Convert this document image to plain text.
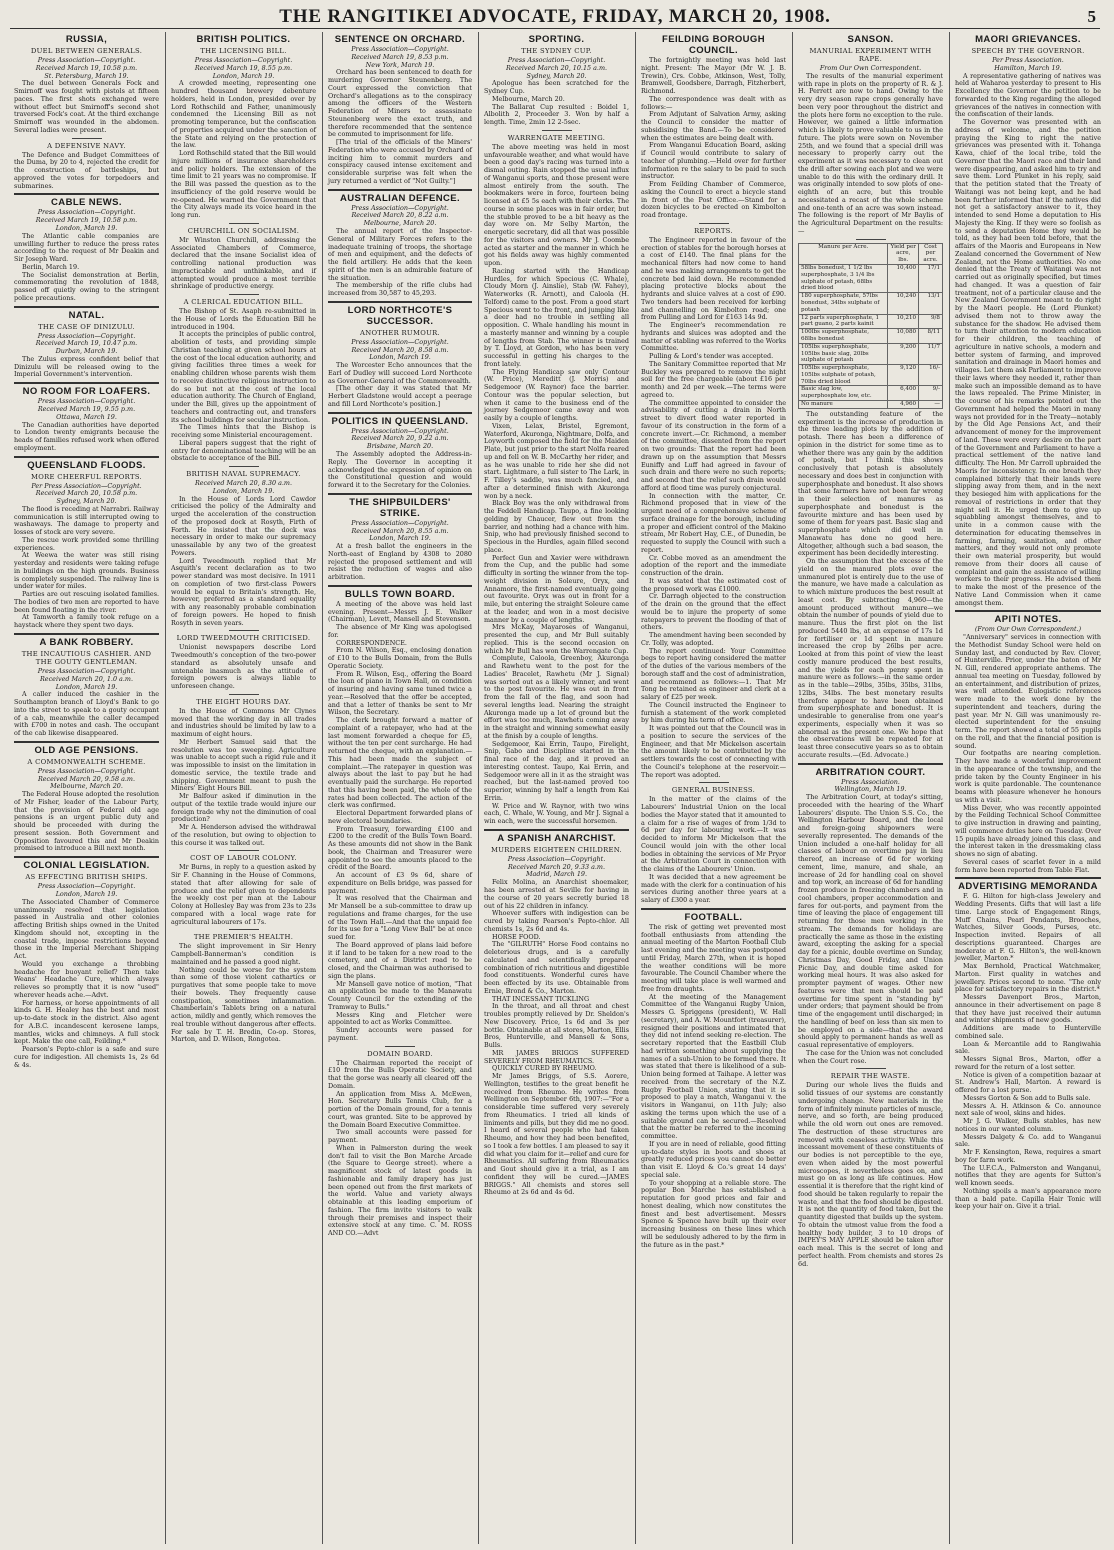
THE RANGITIKEI ADVOCATE, FRIDAY, MARCH 20, 1908.	5
RUSSIA,
DUEL BETWEEN GENERALS.
Press Association—Copyright.
Received March 19, 10.58 p.m.
St. Petersburg, March 19.

The duel between Generals Fock and Smirnoff was fought with pistols at fifteen paces. The first shots exchanged were without effect but Smirnoff's second shot traversed Fock's coat. At the third exchange Smirnoff was wounded in the abdomen. Several ladies were present.

A DEFENSIVE NAVY.

The Defence and Budget Committees of the Duma, by 20 to 4, rejected the credit for the construction of battleships, but approved the votes for torpedoers and submarines.

CABLE NEWS.
Press Association—Copyright.
Received March 19, 10.58 p.m.
London, March 19.

The Atlantic cable companies are unwilling further to reduce the press rates according to the request of Mr Deakin and Sir Joseph Ward.

Berlin, March 19.

The Socialist demonstration at Berlin, commemorating the revolution of 1848, passed off quietly owing to the stringent police precautions.

NATAL.
THE CASE OF DINIZULU.
Press Association—Copyright.
Received March 19, 10.47 p.m.
Durban, March 19.

The Zulus express confident belief that Dinizulu will be released owing to the Imperial Government's intervention.

NO ROOM FOR LOAFERS.
Press Association—Copyright.
Received March 19, 9.55 p.m.
Ottawa, March 19.

The Canadian authorities have deported to London twenty emigrants because the heads of families refused work when offered employment.

QUEENSLAND FLOODS.
MORE CHEERFUL REPORTS.
Per Press Association—Copyright.
Received March 20, 10.58 p.m.
Sydney, March 20.

The flood is receding at Narrabri. Railway communication is still interrupted owing to washaways. The damage to property and losses of stock are very severe.

The rescue work provided some thrilling experiences.

At Weewa the water was still rising yesterday and residents were taking refuge in buildings on the high grounds. Business is completely suspended. The railway line is under water for miles.

Parties are out rescuing isolated families. The bodies of two men are reported to have been found floating in the river.

At Tamworth a family took refuge on a haystack where they spent two days.

A BANK ROBBERY.
THE INCAUTIOUS CASHIER. AND THE GOUTY GENTLEMAN.
Press Association—Copyright.
Received March 20, 1.0 a.m.
London, March 19.

A caller induced the cashier in the Southampton branch of Lloyd's Bank to go into the street to speak to a gouty occupant of a cab, meanwhile the caller decamped with £700 in notes and cash. The occupant of the cab likewise disappeared.

OLD AGE PENSIONS.
A COMMONWEALTH SCHEME.
Press Association—Copyright.
Received March 20, 9.58 a.m.
Melbourne, March 20.

The Federal House adopted the resolution of Mr Fisher, leader of the Labour Party, that the provision of Federal old age pensions is an urgent public duty and should be proceeded with during the present session. Both Government and Opposition favoured this and Mr Deakin promised to introduce a Bill next month.

COLONIAL LEGISLATION.
AS EFFECTING BRITISH SHIPS.
Press Association—Copyright.
London, March 19.

The Associated Chamber of Commerce unanimously resolved that legislation passed in Australia and other colonies affecting British ships owned in the United Kingdom should not, excepting in the coastal trade, impose restrictions beyond those in the Imperial Merchant Shipping Act.

Would you exchange a throbbing headache for buoyant relief? Then take Weans' Headache Cure, which always relieves so promptly that it is now "used" wherever heads ache.—Advt.

For harness, or horse appointments of all kinds G. H. Healey has the best and most up-to-date stock in the district. Also agent for A.B.C. incandescent kerosene lamps, mantles, wicks and chimneys. A full stock kept. Make the one call, Feilding.*

Pearson's Pepto-chlor is a safe and sure cure for indigestion. All chemists 1s, 2s 6d & 4s.

BRITISH POLITICS.
THE LICENSING BILL.
Press Association—Copyright.
Received March 19, 8.55 p.m.
London, March 19.

A crowded meeting, representing one hundred thousand brewery debenture holders, held in London, presided over by Lord Rothschild and Father, unanimously condemned the Licensing Bill as not promoting temperance, but the confiscation of properties acquired under the sanction of the State and relying on the protection of the law.

Lord Rothschild stated that the Bill would injure millions of insurance shareholders and policy holders. The extension of the time limit to 21 years was no compromise. If the Bill was passed the question as to the insufficiency of the gold reserve would be re-opened. He warned the Government that the City always made its voice heard in the long run.

CHURCHILL ON SOCIALISM.

Mr Winston Churchill, addressing the Associated Chambers of Commerce, declared that the insane Socialist idea of controlling national production was impracticable and unthinkable, and if attempted would produce a most terrible shrinkage of productive energy.

A CLERICAL EDUCATION BILL.

The Bishop of St. Asaph re-submitted in the House of Lords the Education Bill he introduced in 1904.

It accepts the principles of public control, abolition of tests, and providing simple Christian teaching at given school hours at the cost of the local education authority, and giving facilities three times a week for enabling children whose parents wish them to receive distinctive religious instruction to do so but not at the cost of the local education authority. The Church of England, under the Bill, gives up the appointment of teachers and contracting out, and transfers its school buildings for secular instruction.

The Times hints that the Bishop is receiving some Ministerial encouragement.

Liberal papers suggest that the right of entry for denominational teaching will be an obstacle to acceptance of the Bill.

BRITISH NAVAL SUPREMACY.
Received March 20, 8.30 a.m.
London, March 19.

In the House of Lords Lord Cawdor criticised the policy of the Admiralty and urged the acceleration of the construction of the proposed dock at Rosyth, Firth of Forth. He insisted that the dock was necessary in order to make our supremacy unassailable by any two of the greatest Powers.

Lord Tweedmouth replied that Mr Asquith's recent declaration as to two power standard was most decisive. In 1911 on completion of two first-class Powers would be equal to Britain's strength. He, however, preferred as a standard equality with any reasonably probable combination of foreign powers. He hoped to finish Rosyth in seven years.

LORD TWEEDMOUTH CRITICISED.

Unionist newspapers describe Lord Tweedmouth's conception of the two-power standard as absolutely unsafe and untenable inasmuch as the attitude of foreign powers is always liable to unforeseen change.

THE EIGHT HOURS DAY.

In the House of Commons Mr Clynes moved that the working day in all trades and industries should be limited by law to a maximum of eight hours.

Mr Herbert Samuel said that the resolution was too sweeping. Agriculture was unable to accept such a rigid rule and it was impossible to insist on the limitation in domestic service, the textile trade and shipping. Government meant to push the Miners' Eight Hours Bill.

Mr Balfour asked if diminution in the output of the textile trade would injure our foreign trade why not the diminution of coal production?

Mr A. Henderson advised the withdrawal of the resolution, but owing to objection to this course it was talked out.

COST OF LABOUR COLONY.

Mr Burns, in reply to a question asked by Sir F. Channing in the House of Commons, stated that after allowing for sale of produce and the relief given to dependents the weekly cost per man at the Labour Colony at Hollesley Bay was from 23s to 23s compared with a local wage rate for agricultural labourers of 17s.

THE PREMIER'S HEALTH.

The slight improvement in Sir Henry Campbell-Bannerman's condition is maintained and he passed a good night.

Nothing could be worse for the system than some of those violent cathartics or purgatives that some people take to move their bowels. They frequently cause constipation, sometimes inflammation. Chamberlain's Tablets bring on a natural action, mildly and gently, which removes the real trouble without dangerous after effects. For sale by T. H. Bredin, Co-op. Stores, Marton, and D. Wilson, Rongotea.

SENTENCE ON ORCHARD.
Press Association—Copyright.
Received March 19, 8.53 p.m.
New York, March 19.

Orchard has been sentenced to death for murdering Governor Steunenberg. The Court expressed the conviction that Orchard's allegations as to the conspiracy among the officers of the Western Federation of Miners to assassinate Steunenberg were the exact truth, and therefore recommended that the sentence be commuted to imprisonment for life.

[The trial of the officials of the Miners' Federation who were accused by Orchard of inciting him to commit murders and conspiracy caused intense excitement and considerable surprise was felt when the jury returned a verdict of "Not Guilty."]

AUSTRALIAN DEFENCE.
Press Association—Copyright.
Received March 20, 8.22 a.m.
Melbourne, March 20.

The annual report of the Inspector-General of Military Forces refers to the inadequate training of troops, the shortage of men and equipment, and the defects of the field artillery. He adds that the keen spirit of the men is an admirable feature of the situation.

The membership of the rifle clubs had increased from 30,587 to 45,293.

LORD NORTHCOTE'S SUCCESSOR.
ANOTHER RUMOUR.
Press Association—Copyright.
Received March 20, 8.58 a.m.
London, March 19.

The Worcester Echo announces that the Earl of Dudley will succeed Lord Northcote as Governor-General of the Commonwealth.

[The other day it was stated that Mr Herbert Gladstone would accept a peerage and fill Lord Northcote's position.]

POLITICS IN QUEENSLAND.
Press Association—Copyright.
Received March 20, 9.22 a.m.
Brisbane, March 20.

The Assembly adopted the Address-in-Reply. The Governor in accepting it acknowledged the expression of opinion on the Constitutional question and would forward it to the Secretary for the Colonies.

THE SHIPBUILDERS' STRIKE.
Press Association—Copyright.
Received March 20, 8.55 a.m.
London, March 19.

At a fresh ballot the engineers in the North-east of England by 4308 to 2080 rejected the proposed settlement and will resist the reduction of wages and also arbitration.

BULLS TOWN BOARD.

A meeting of the above was held last evening. Present—Messrs J. E. Walker (Chairman), Levett, Mansell and Stevenson.

The absence of Mr King was apologised for.

CORRESPONDENCE.

From N. Wilson, Esq., enclosing donation of £10 to the Bulls Domain, from the Bulls Operatic Society.

From R. Wilson, Esq., offering the Board the loan of piano in Town Hall, on condition of insuring and having same tuned twice a year.—Resolved that the offer be accepted, and that a letter of thanks be sent to Mr Wilson, the Secretary.

The clerk brought forward a matter of complaint of a ratepayer, who had at the last moment forwarded a cheque for £5, without the ten per cent surcharge. He had returned the cheque, with an explanation.—This had been made the subject of complaint.—The ratepayer in question was always about the last to pay but he had eventually paid the surcharge. He reported that this having been paid, the whole of the rates had been collected. The action of the clerk was confirmed.

Electoral Department forwarded plans of new electoral boundaries.

From Treasury, forwarding £100 and £200 to the credit of the Bulls Town Board. As these amounts did not show in the Bank book, the Chairman and Treasurer were appointed to see the amounts placed to the credit of the Board.

An account of £3 9s 6d, share of expenditure on Bells bridge, was passed for payment.

It was resolved that the Chairman and Mr Mansell be a sub-committee to draw up regulations and frame charges, for the use of the Town Hall.—And that the unpaid fee for its use for a "Long View Ball" be at once sued for.

The Board approved of plans laid before it if land to be taken for a new road to the cemetery, and of a District road to be closed, and the Chairman was authorised to sign the plans.

Mr Mansell gave notice of motion, "That an application be made to the Manawatu County Council for the extending of the Tramway to Bulls."

Messrs King and Fletcher were appointed to act as Works Committee.

Sundry accounts were passed for payment.

DOMAIN BOARD.

The Chairman reported the receipt of £10 from the Bulls Operatic Society, and that the gorse was nearly all cleared off the Domain.

An application from Miss A. McEwen, Hon. Secretary Bulls Tennis Club, for a portion of the Domain ground, for a tennis court, was granted. Site to be approved by the Domain Board Executive Committee.

Two small accounts were passed for payment.

When in Palmerston during the week don't fail to visit the Bon Marche Arcade (the Square to George street). where a magnificent stock of latest goods in fashionable and family drapery has just been opened out from the first markets of the world. Value and variety always obtainable at this leading emporium of fashion. The firm invite visitors to walk through their premises and inspect their extensive stock at any time. C. M. ROSS AND CO.—Advt

SPORTING.
THE SYDNEY CUP.
Press Association—Copyright.
Received March 20, 10.15 a.m.
Sydney, March 20.

Apologue has been scratched for the Sydney Cup.

Melbourne, March 20.

The Ballarat Cup resulted : Boidel 1, Albolith 2, Proceeder 3. Won by half a length. Time, 2min 12 2-5sec.

WARRENGATE MEETING.

The above meeting was held in most unfavourable weather, and what would have been a good day's racing was turned into a dismal outing. Rain stopped the usual influx of Wanganui sports, and those present were almost entirely from the south. The bookmakers were in force, fourteen being licensed at £5 5s each with their clerks. The course in some places was in fair order, but the stubble proved to be a bit heavy as the day wore on. Mr Selby Marton, the energetic secretary, did all that was possible for the visitors and owners. Mr J. Coombe acted as starter and the manner in which he got his fields away was highly commented upon.

Racing started with the Handicap Hurdles, for which Specious (C. Whale), Cloudy Morn (J. Ainslie), Stab (W. Fahey), Waterworks (R. Arnott), and Caloola (H. Telford) came to the post. From a good start Specious went to the front, and jumping like a deer had no trouble in settling all opposition. C. Whale handling his mount in a masterly manner and winning by a couple of lengths from Stab. The winner is trained by T. Lloyd, at Gordon, who has been very successful in getting his charges to the front lately.

The Flying Handicap saw only Contour (W. Price), Mereditt (J. Morris) and Sedgemoor (W. Raynor) face the barrier. Contour was the popular selection, but when it came to the business end of the journey Sedgemoor came away and won easily by a couple of lengths.

Vixen, Lelax, Bristel, Egremont, Waterford, Akuronga, Nightmare, Dolfa, and Loyworth composed the field for the Maiden Plate, but just prior to the start Nolfa reared up and fell on W. B. McCarthy her rider, and as he was unable to ride her she did not start. Lightmare, a full sister to The Lark, in F. Tilley's saddle, was much fancied, and after a determined finish with Akuronga won by a neck.

Black Boy was the only withdrawal from the Feddell Handicap. Taupo, a fine looking gelding by Chaucer, flew out from the barrier, and nothing had a chance with him. Snip, who had previously finished second to Specious in the Hurdles, again filled second place.

Perfect Gun and Xavier were withdrawn from the Cup, and the public had some difficulty in sorting the winner from the top-weight division in Soleure, Oryx, and Annamore, the first-named eventually going out favourite. Oryx was out in front for a mile, but entering the straight Soleure came at the leader, and won in a most decisive manner by a couple of lengths.

Mrs McKay, Mayaroses of Wanganui, presented the cup, and Mr Bull suitably replied. This is the second occasion on which Mr Bull has won the Warrengate Cup.

Complute, Caloola, Greenboy, Akuronga and Rawhetu went to the post for the Ladies' Bracelet, Rawhetu (Mr J. Signal) was sorted out as a likely winner, and went to the post favourite. He was out in front from the fall of the flag, and soon had several lengths lead. Nearing the straight Akuronga made up a lot of ground but the effort was too much, Rawhetu coming away in the straight and winning somewhat easily at the finish by a couple of lengths.

Sedgemoor, Kai Errin, Taupo, Firelight, Snip, Gabo and Discipline started in the final race of the day, and it proved an interesting contest. Taupo, Kai Errin, and Sedgemoor were all in it as the straight was reached, but the last-named proved too superior, winning by half a length from Kai Errin.

W. Price and W. Raynor, with two wins each, C. Whale, W. Young, and Mr J. Signal a win each, were the successful horsemen.

A SPANISH ANARCHIST.
MURDERS EIGHTEEN CHILDREN.
Press Association—Copyright.
Received March 20, 9.33 a.m.
Madrid, March 19.

Felix Molina, an Anarchist shoemaker, has been arrested at Seville for having in the course of 20 years secretly buried 18 out of his 22 children in infancy.

Whoever suffers with indigestion can be cured by taking Pearson's Pepto-chlor. All chemists 1s, 2s 6d and 4s.

HORSE FOOD.

The "GILRUTH" Horse Food contains no deleterious drugs, and is a carefully calculated and scientifically prepared combination of rich nutritious and digestible food constituents. Wonderful cures have been effected by its use. Obtainable from Ernie, Brond & Co., Marton.

THAT INCESSANT TICKLING

In the throat, and all throat and chest troubles promptly relieved by Dr. Sheldon's New Discovery. Price, 1s 6d and 3s per bottle. Obtainable at all stores, Marton, Ellis Bros, Hunterville, and Mansell & Sons, Bulls.

MR JAMES BRIGGS SUFFERED SEVERELY FROM RHEUMATICS.

QUICKLY CURED BY RHEUMO.

Mr James Briggs, of S.S. Aorere, Wellington, testifies to the great benefit he received from Rheumo. He writes from Wellington on September 6th, 1907:—"For a considerable time suffered very severely from Rheumatics. I tried all kinds of liniments and pills, but they did me no good. I heard of several people who had taken Rheumo, and how they had been benefited, so I took a few bottles. I am pleased to say it did what you claim for it—relief and cure for Rheumatics. All suffering from Rheumatics and Gout should give it a trial, as I am confident they will be cured.—JAMES BRIGGS." All chemists and stores sell Rheumo at 2s 6d and 4s 6d.

FEILDING BOROUGH COUNCIL.

The fortnightly meeting was held last night. Present: The Mayor (Mr W. J. B. Trewin), Crs. Cobbe, Atkinson, West, Tolly, Bramwell, Goodsbere, Darragh, Fitzherbert, Richmond.

The correspondence was dealt with as follows:—

From Adjutant of Salvation Army, asking the Council to consider the matter of subsidising the Band.—To be considered when the estimates are being dealt with.

From Wanganui Education Board, asking if Council would contribute to salary of teacher of plumbing.—Held over for further information re the salary to be paid to such instructor.

From Feilding Chamber of Commerce, asking the Council to erect a bicycle stand in front of the Post Office.—Stand for a dozen bicycles to be erected on Kimbolton road frontage.

REPORTS.

The Engineer reported in favour of the erection of stables for the borough horses at a cost of £140. The final plans for the mechanical filters had now come to hand and he was making arrangements to get the concrete bed laid down. He recommended placing protective blocks about the hydrants and sluice valves at a cost of £90. Two tenders had been received for kerbing and channelling on Kimbolton road; one from Pulling and Lord for £163 14s 9d.

The Engineer's recommendation re hydrants and sluices was adopted and the matter of stabling was referred to the Works Committee.

Pulling & Lord's tender was accepted.

The Sanitary Committee reported that Mr Buckley was prepared to remove the night soil for the free chargeable (about £16 per month) and 2d per week.—The terms were agreed to.

The committee appointed to consider the advisability of cutting a drain in North street to divert flood water reported in favour of its construction in the form of a concrete invert.—Cr. Richmond, a member of the committee, dissented from the report on two grounds: That the report had been drawn up on the assumption that Messrs Euniffy and Luff had agreed in favour of such drain and there were no such reports; and second that the relief such drain would afford at flood time was purely conjectural.

In connection with the matter, Cr. Richmond proposed that in view of the urgent need of a comprehensive scheme of surface drainage for the borough, including a proper and efficient control of the Makino stream, Mr Robert Hay, C.E., of Dunedin, be requested to supply the Council with such a report.

Cr. Cobbe moved as an amendment the adoption of the report and the immediate construction of the drain.

It was stated that the estimated cost of the proposed work was £1000.

Cr. Darragh objected to the construction of the drain on the ground that the effect would be to injure the property of some ratepayers to prevent the flooding of that of others.

The amendment having been seconded by Cr. Tolly, was adopted.

The report continued: Your Committee begs to report having considered the matter of the duties of the various members of the borough staff and the cost of administration, and recommend as follows:—1. That Mr Tong be retained as engineer and clerk at a salary of £25 per week.

The Council instructed the Engineer to furnish a statement of the work completed by him during his term of office.

It was pointed out that the Council was in a position to secure the services of the Engineer, and that Mr Mickelson ascertain the amount likely to be contributed by the settlers towards the cost of connecting with the Council's telephone at the reservoir.—The report was adopted.

GENERAL BUSINESS.

In the matter of the claims of the Labourers' Industrial Union on the local bodies the Mayor stated that it amounted to a claim for a rise of wages of from 1/3d to 6d per day for labouring work.—It was decided to inform Mr Mickelson that the Council would join with the other local bodies in obtaining the services of Mr Pryor at the Arbitration Court in connection with the claims of the Labourers' Union.

It was decided that a new agreement be made with the clerk for a continuation of his services during another three years at a salary of £300 a year.

FOOTBALL.

The risk of getting wet prevented most football enthusiasts from attending the annual meeting of the Marton Football Club last evening and the meeting was postponed until Friday, March 27th, when it is hoped the weather conditions will be more favourable. The Council Chamber where the meeting will take place is well warmed and free from draughts.

At the meeting of the Management Committee of the Wanganui Rugby Union, Messrs G. Spriggens (president), W. Hall (secretary), and A. W. Mountfort (treasurer), resigned their positions and intimated that they did not intend seeking re-election. The secretary reported that the Eastbill Club had written something about supplying the names of a sub-Union to be formed there. It was stated that there is likelihood of a sub-Union being formed at Taihape. A letter was received from the secretary of the N.Z. Rugby Football Union, stating that it is proposed to play a match, Wanganui v. the visitors in Wanganui, on 11th July; also asking the terms upon which the use of a suitable ground can be secured.—Resolved that the matter be referred to the incoming committee.

If you are in need of reliable, good fitting up-to-date styles in boots and shoes at greatly reduced prices you cannot do better than visit E. Lloyd & Co.'s great 14 days' special sale.

To your shopping at a reliable store. The popular Bon Marche has established a reputation for good prices and fair and honest dealing, which now constitutes the finest and best advertisement. Messrs Spence & Spence have built up their ever increasing business on these lines which will be sedulously adhered to by the firm in the future as in the past.*

SANSON.
MANURIAL EXPERIMENT WITH RAPE.
From Our Own Correspondent.

The results of the manurial experiment with rape in plots on the property of R. & J. H. Perrett are now to hand. Owing to the very dry season rape crops generally have been very poor throughout the district and the plots here form no exception to the rule. However, we gained a little information which is likely to prove valuable to us in the future. The plots were sown on November 25th, and we found that a special drill was necessary to properly carry out the experiment as it was necessary to clean out the drill after sowing each plot and we were unable to do this with the ordinary drill. It was originally intended to sow plots of one-eighth of an acre, but this trouble necessitated a recast of the whole scheme and one-tenth of an acre was sown instead. The following is the report of Mr Baylis of the Agricultural Department on the results:—

Manure per Acre.	Yield per acre, lbs.	Cost per acre.
58lbs bonedust, 1 1/2 lbs superphosphate, 3 1/4 lbs sulphate of potash, 68lbs dried blood	10,400	17/1
180 superphosphate, 57lbs bonedust, 34lbs sulphate of potash	10,240	13/1
12 parts superphosphate, 1 part guano, 2 parts kainit	10,210	9/8
100lbs superphosphate, 68lbs bonedust	10,080	8/11
105lbs superphosphate, 105lbs basic slag, 20lbs sulphate of potash	9,200	11/7
105lbs superphosphate, 105lbs sulphate of potash, 70lbs dried blood	9,120	16/-
Basic slag low, superphosphate low, etc.	6,400	9/-
No manure	4,960	—

The outstanding feature of the experiment is the increase of production in the three leading plots by the addition of potash. There has been a difference of opinion in the district for some time as to whether there was any gain by the addition of potash, but I think this shows conclusively that potash is absolutely necessary and does best in conjunction with superphosphate and bonedust. It also shows that some farmers have not been far wrong in their selection of manures as superphosphate and bonedust is the favourite mixture and has been used by some of them for years past. Basic slag and superphosphate which did well in Manawatu has done no good here. Altogether, although such a bad season, the experiment has been decidedly interesting.

On the assumption that the excess of the yield on the manured plots over the unmanured plot is entirely due to the use of the manure, we have made a calculation as to which mixture produces the best result at least cost. By subtracting 4,960—the amount produced without manure—we obtain the number of pounds of yield due to manure. Thus the first plot on the list produced 5440 lbs, at an expense of 17s 1d for fertiliser or 1d spent in manure increased the crop by 26lbs per acre. Looked at from this point of view the least costly manure produced the best results, and the yields for each penny spent in manure were as follows:—in the same order as in the table—29lbs, 35lbs, 35lbs, 31lbs, 12lbs, 34lbs. The best monetary results therefore appear to have been obtained from superphosphate and bonedust. It is undesirable to generalise from one year's experiments, especially when it was so abnormal as the present one. We hope that the observations will be repeated for at least three consecutive years so as to obtain accurate results.—(Ed. Advocate.)

ARBITRATION COURT.
Press Association.
Wellington, March 19.

The Arbitration Court, at today's sitting, proceeded with the hearing of the Wharf Labourers' dispute. The Union S.S. Co., the Wellington Harbour Board, and the local and foreign-going shipowners were severally represented. The demands of the Union included a one-half holiday for all classes of labour on overtime pay in lieu thereof, an increase of 6d for working cement, lime, manure, and shale, an increase of 2d for handling coal on shovel and top work, an increase of 6d for handling frozen produce in freezing chambers and in cool chambers, proper accommodation and fares for out-ports, and payment from the time of leaving the place of engagement till returning for those men working in the stream. The demands for holidays are practically the same as those in the existing award, excepting the asking for a special day for a picnic, double overtime on Sunday, Christmas Day, Good Friday, and Union Picnic Day, and double time asked for working meal hours. It was also asked for prompter payment of wages. Other new features were that men should be paid overtime for time spent in "standing by" under orders; that payment should be from time of the engagement until discharged; in the handling of beef on less than six men to be employed on a side—that the award should apply to permanent hands as well as casual representative of employers.

The case for the Union was not concluded when the Court rose.

REPAIR THE WASTE.

During our whole lives the fluids and solid tissues of our systems are constantly undergoing change. New materials in the form of infinitely minute particles of muscle, nerve, and so forth, are being produced while the old worn out ones are removed. The destruction of these structures are removed with ceaseless activity. While this incessant movement of these constituents of our bodies is not perceptible to the eye, even when aided by the most powerful microscopes, it nevertheless goes on, and must go on as long as life continues. How essential it is therefore that the right kind of food should be taken regularly to repair the waste, and that the food should be digested. It is not the quantity of food taken, but the quantity digested that builds up the system. To obtain the utmost value from the food a healthy body builder, 3 to 10 drops of IMPEY'S MAY APPLE should be taken after each meal. This is the secret of long and perfect health. From chemists and stores 2s 6d.

MAORI GRIEVANCES.
SPEECH BY THE GOVERNOR.
Per Press Association.
Hamilton, March 19.

A representative gathering of natives was held at Waharoa yesterday to present to His Excellency the Governor the petition to be forwarded to the King regarding the alleged grievances of the natives in connection with the confiscation of their lands.

The Governor was presented with an address of welcome, and the petition praying the King to right the native grievances was presented with it. Tohanga Kawa, chief of the local tribe, told the Governor that the Maori race and their land were disappearing, and asked him to try and save them. Lord Plunket in his reply, said that the petition stated that the Treaty of Waitangi was not being kept, and he had been further informed that if the natives did not get a satisfactory answer to it, they intended to send Home a deputation to His Majesty the King. If they were so foolish as to send a deputation Home they would be told, as they had been told before, that the affairs of the Maoris and Europeans in New Zealand concerned the Government of New Zealand, not the Home authorities. No one denied that the Treaty of Waitangi was not carried out as originally specified, but times had changed. It was a question of fair treatment, not of a particular clause and the New Zealand Government meant to do right by the Maori people. He (Lord Plunket) advised them not to throw away the substance for the shadow. He advised them to turn their attention to modern education for their children, the teaching of agriculture in native schools, a modern and better system of farming, and improved sanitation and drainage in Maori homes and villages. Let them ask Parliament to improve their laws where they needed it, rather than make such an impossible demand as to have the laws repealed. The Prime Minister, in the course of his remarks pointed out the Government had helped the Maori in many ways not provided for in the Treaty—notably by the Old Age Pensions Act, and their advancement of money for the improvement of land. These were every desire on the part of the Government and Parliament to have a practical settlement of the native land difficulty. The Hon. Mr Carroll upbraided the Maoris for inconsistency. In one breath they complained bitterly that their lands were slipping away from them, and in the next they besieged him with applications for the removal of restrictions in order that they might sell it. He urged them to give up squabbling amongst themselves, and to unite in a common cause with the determination for educating themselves in farming, farming, sanitation, and other matters, and they would not only promote their own material prosperity, but would remove from their doors all cause of complaint and gain the assistance of willing workers to their progress. He advised them to make the most of the presence of the Native Land Commission when it came amongst them.

APITI NOTES.
(From Our Own Correspondent.)

"Anniversary" services in connection with the Methodist Sunday School were held on Sunday last, and conducted by Rev. Clover, of Hunterville. Prior, under the baton of Mr N. Gill, rendered appropriate anthems. The annual tea meeting on Tuesday, followed by an entertainment, and distribution of prizes, was well attended. Eulogistic references were made to the work done by the superintendent and teachers, during the past year. Mr N. Gill was unanimously re-elected superintendent for the ensuing term. The report showed a total of 55 pupils on the roll, and that the financial position is sound.

Our footpaths are nearing completion. They have made a wonderful improvement in the appearance of the township, and the pride taken by the County Engineer in his work is quite pardonable. The countenance beams with pleasure whenever he honours us with a visit.

Miss Dever, who was recently appointed by the Feilding Technical School Committee to give instruction in drawing and painting, will commence duties here on Tuesday. Over 15 pupils have already joined this class, and the interest taken in the dressmaking class shows no sign of abating.

Several cases of scarlet fever in a mild form have been reported from Table Flat.

ADVERTISING MEMORANDA

F. G. Hilton for high-class Jewelery and Wedding Presents. Gifts that will last a life time. Large stock of Engagement Rings, Muff Chains, Pearl Pendants, Brooches, Watches, Silver Goods, Purses, etc. Inspection invited. Repairs of all descriptions guaranteed. Charges are moderate at F. G. Hilton's, the well-known jeweller, Marton.*

Max Bernhold, Practical Watchmaker, Marton. First quality in watches and jewellery. Prices second to none. "The only place for satisfactory repairs in the district.*

Messrs Davenport Bros., Marton, announce in their advertisement on page 8 that they have just received their autumn and winter shipments of new goods.

Additions are made to Hunterville combined sale.

Loan & Mercantile add to Rangiwahia sale.

Messrs Signal Bros., Marton, offer a reward for the return of a lost setter.

Notice is given of a competition bazaar at St. Andrew's Hall, Marton. A reward is offered for a lost purse.

Messrs Gorton & Son add to Bulls sale.

Messrs A. H. Atkinson & Co. announce next sale of wool, skins and hides.

Mr J. G. Walker, Bulls stables, has new notices in our wanted column.

Messrs Dalgety & Co. add to Wanganui sale.

Mr F. Kensington, Rewa, requires a smart boy for farm work.

The U.F.C.A., Palmerston and Wanganui, notifies that they are agents for Sutton's well known seeds.

Nothing spoils a man's appearance more than a bald pate. Capilla Hair Tonic will keep your hair on. Give it a trial.
